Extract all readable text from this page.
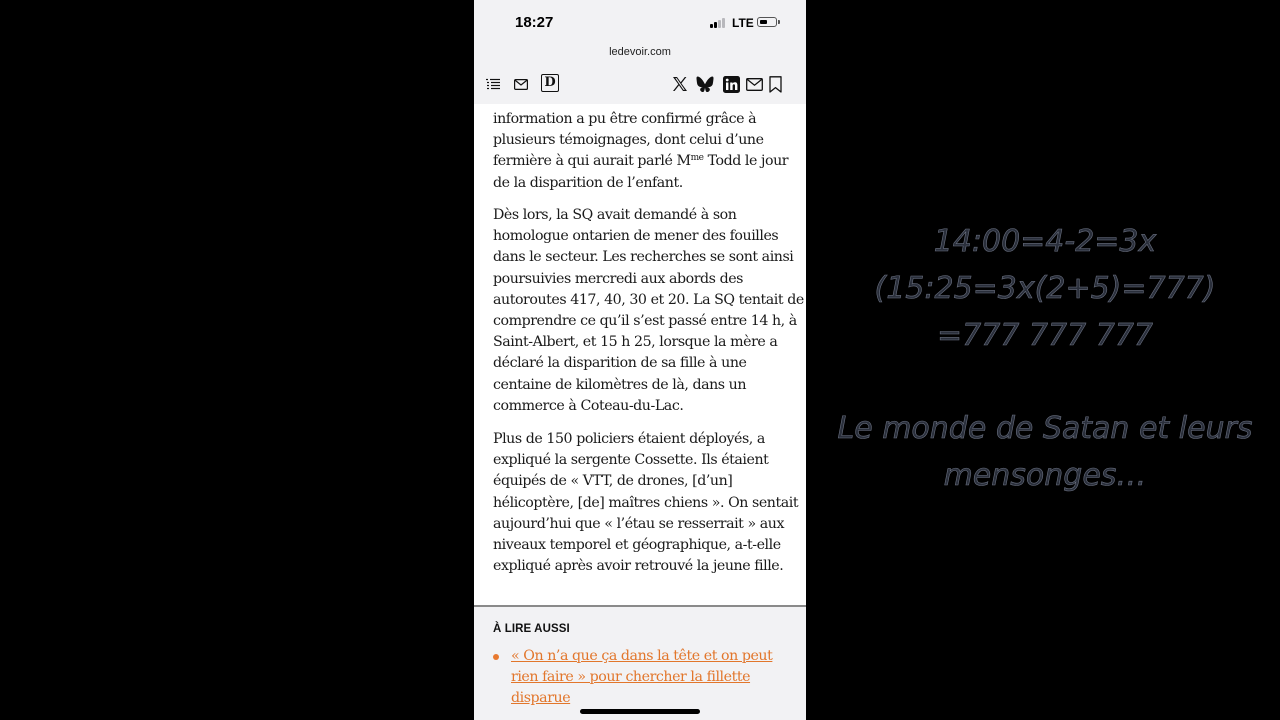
18:27	LTE
ledevoir.com
D

information a pu être confirmé grâce à
plusieurs témoignages, dont celui d’une
fermière à qui aurait parlé $M^{me}$ Todd le jour
de la disparition de l’enfant.

Dès lors, la SQ avait demandé à son
homologue ontarien de mener des fouilles
dans le secteur. Les recherches se sont ainsi
poursuivies mercredi aux abords des
autoroutes 417, 40, 30 et 20. La SQ tentait de
comprendre ce qu’il s’est passé entre 14 h, à
Saint-Albert, et 15 h 25, lorsque la mère a
déclaré la disparition de sa fille à une
centaine de kilomètres de là, dans un
commerce à Coteau-du-Lac.

Plus de 150 policiers étaient déployés, a
expliqué la sergente Cossette. Ils étaient
équipés de « VTT, de drones, [d’un]
hélicoptère, [de] maîtres chiens ». On sentait
aujourd’hui que « l’étau se resserrait » aux
niveaux temporel et géographique, a-t-elle
expliqué après avoir retrouvé la jeune fille.

À LIRE AUSSI
« On n’a que ça dans la tête et on peut
rien faire » pour chercher la fillette
disparue
14:00=4-2=3x
(15:25=3x(2+5)=777)
=777 777 777
Le monde de Satan et leurs
mensonges…
